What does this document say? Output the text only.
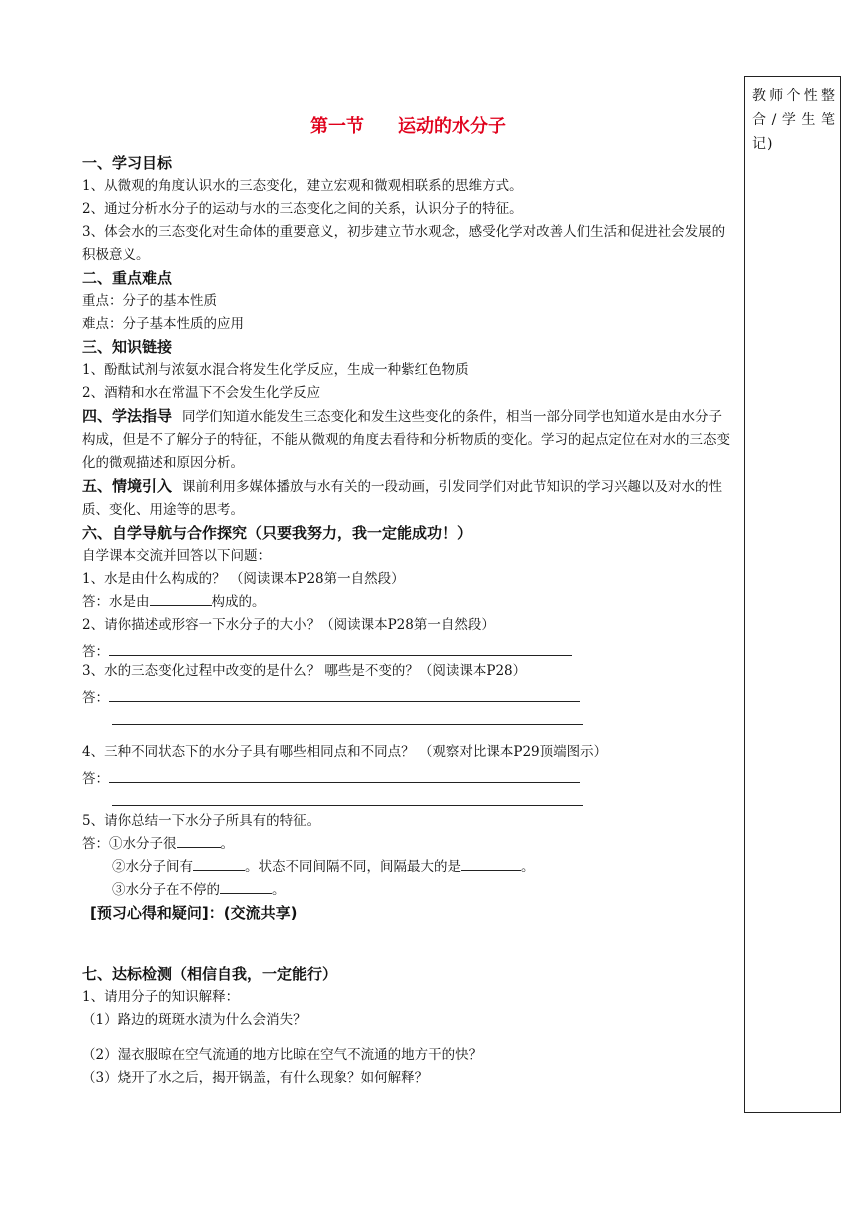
教师个性整合/学生笔记)
第一节 运动的水分子
一、学习目标
1、从微观的角度认识水的三态变化，建立宏观和微观相联系的思维方式。
2、通过分析水分子的运动与水的三态变化之间的关系，认识分子的特征。
3、体会水的三态变化对生命体的重要意义，初步建立节水观念，感受化学对改善人们生活和促进社会发展的积极意义。
二、重点难点
重点：分子的基本性质
难点：分子基本性质的应用
三、知识链接
1、酚酞试剂与浓氨水混合将发生化学反应，生成一种紫红色物质
2、酒精和水在常温下不会发生化学反应
四、学法指导 同学们知道水能发生三态变化和发生这些变化的条件，相当一部分同学也知道水是由水分子构成，但是不了解分子的特征，不能从微观的角度去看待和分析物质的变化。学习的起点定位在对水的三态变化的微观描述和原因分析。
五、情境引入 课前利用多媒体播放与水有关的一段动画，引发同学们对此节知识的学习兴趣以及对水的性质、变化、用途等的思考。
六、自学导航与合作探究（只要我努力，我一定能成功！）
自学课本交流并回答以下问题：
1、水是由什么构成的？ （阅读课本P28第一自然段）
答：水是由	构成的。
2、请你描述或形容一下水分子的大小？（阅读课本P28第一自然段）
答：
3、水的三态变化过程中改变的是什么？ 哪些是不变的？（阅读课本P28）
答：
4、三种不同状态下的水分子具有哪些相同点和不同点？ （观察对比课本P29顶端图示）
答：
5、请你总结一下水分子所具有的特征。
答：①水分子很	。
②水分子间有	。状态不同间隔不同，间隔最大的是	。
③水分子在不停的	。
[预习心得和疑问]：(交流共享)
七、达标检测（相信自我，一定能行）
1、请用分子的知识解释：
（1）路边的斑斑水渍为什么会消失？
（2）湿衣服晾在空气流通的地方比晾在空气不流通的地方干的快？
（3）烧开了水之后，揭开锅盖，有什么现象？如何解释？
